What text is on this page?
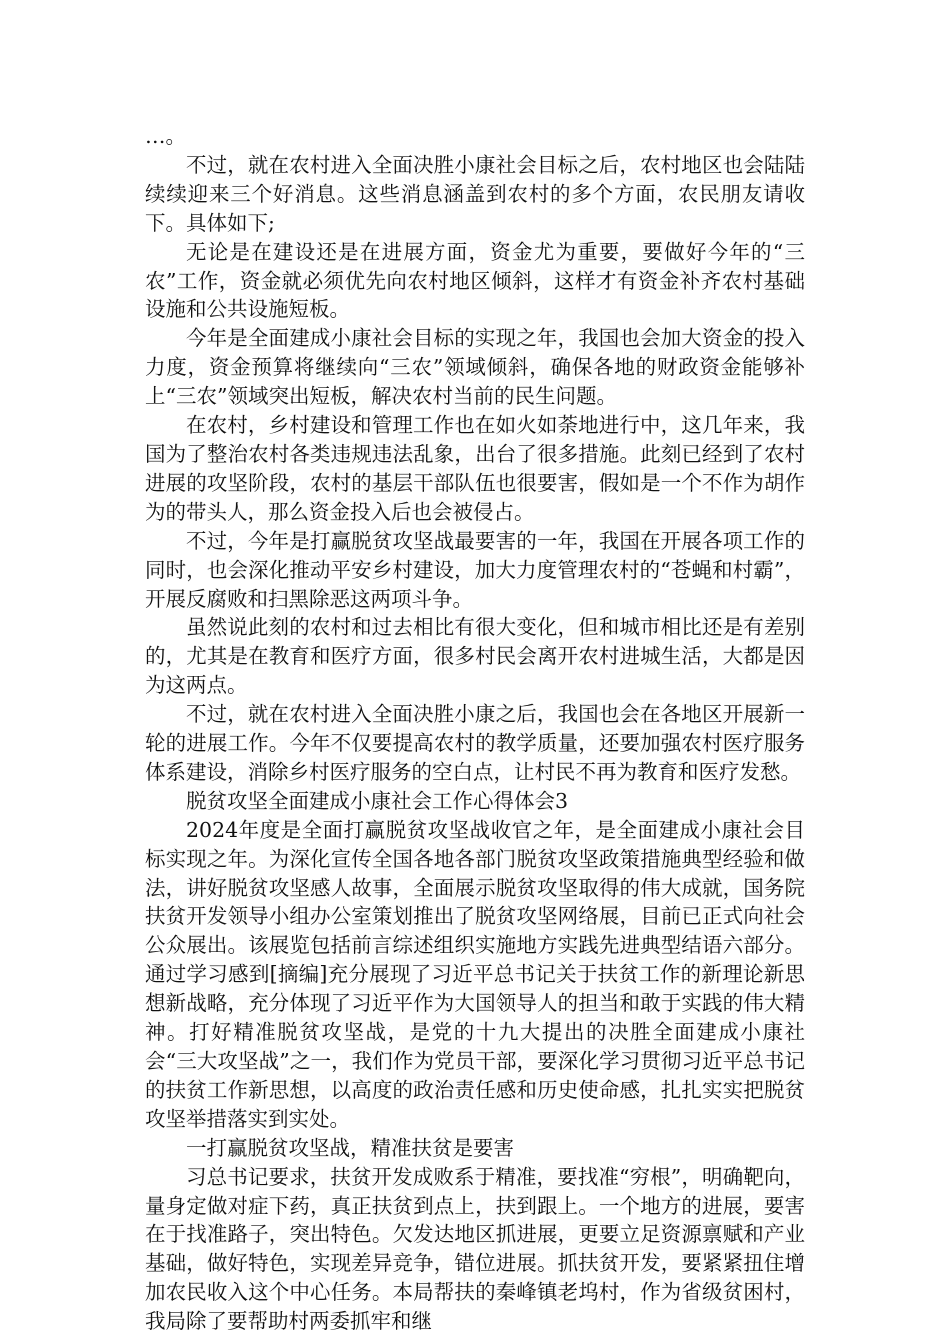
…。

不过，就在农村进入全面决胜小康社会目标之后，农村地区也会陆陆续续迎来三个好消息。这些消息涵盖到农村的多个方面，农民朋友请收下。具体如下;

无论是在建设还是在进展方面，资金尤为重要，要做好今年的“三农”工作，资金就必须优先向农村地区倾斜，这样才有资金补齐农村基础设施和公共设施短板。

今年是全面建成小康社会目标的实现之年，我国也会加大资金的投入力度，资金预算将继续向“三农”领域倾斜，确保各地的财政资金能够补上“三农”领域突出短板，解决农村当前的民生问题。

在农村，乡村建设和管理工作也在如火如荼地进行中，这几年来，我国为了整治农村各类违规违法乱象，出台了很多措施。此刻已经到了农村进展的攻坚阶段，农村的基层干部队伍也很要害，假如是一个不作为胡作为的带头人，那么资金投入后也会被侵占。

不过，今年是打赢脱贫攻坚战最要害的一年，我国在开展各项工作的同时，也会深化推动平安乡村建设，加大力度管理农村的“苍蝇和村霸”，开展反腐败和扫黑除恶这两项斗争。

虽然说此刻的农村和过去相比有很大变化，但和城市相比还是有差别的，尤其是在教育和医疗方面，很多村民会离开农村进城生活，大都是因为这两点。

不过，就在农村进入全面决胜小康之后，我国也会在各地区开展新一轮的进展工作。今年不仅要提高农村的教学质量，还要加强农村医疗服务体系建设，消除乡村医疗服务的空白点，让村民不再为教育和医疗发愁。

脱贫攻坚全面建成小康社会工作心得体会3

2024年度是全面打赢脱贫攻坚战收官之年，是全面建成小康社会目标实现之年。为深化宣传全国各地各部门脱贫攻坚政策措施典型经验和做法，讲好脱贫攻坚感人故事，全面展示脱贫攻坚取得的伟大成就，国务院扶贫开发领导小组办公室策划推出了脱贫攻坚网络展，目前已正式向社会公众展出。该展览包括前言综述组织实施地方实践先进典型结语六部分。通过学习感到[摘编]充分展现了习近平总书记关于扶贫工作的新理论新思想新战略，充分体现了习近平作为大国领导人的担当和敢于实践的伟大精神。打好精准脱贫攻坚战，是党的十九大提出的决胜全面建成小康社会“三大攻坚战”之一，我们作为党员干部，要深化学习贯彻习近平总书记的扶贫工作新思想，以高度的政治责任感和历史使命感，扎扎实实把脱贫攻坚举措落实到实处。

一打赢脱贫攻坚战，精准扶贫是要害

习总书记要求，扶贫开发成败系于精准，要找准“穷根”，明确靶向，量身定做对症下药，真正扶贫到点上，扶到跟上。一个地方的进展，要害在于找准路子，突出特色。欠发达地区抓进展，更要立足资源禀赋和产业基础，做好特色，实现差异竞争，错位进展。抓扶贫开发，要紧紧扭住增加农民收入这个中心任务。本局帮扶的秦峰镇老坞村，作为省级贫困村，我局除了要帮助村两委抓牢和继
